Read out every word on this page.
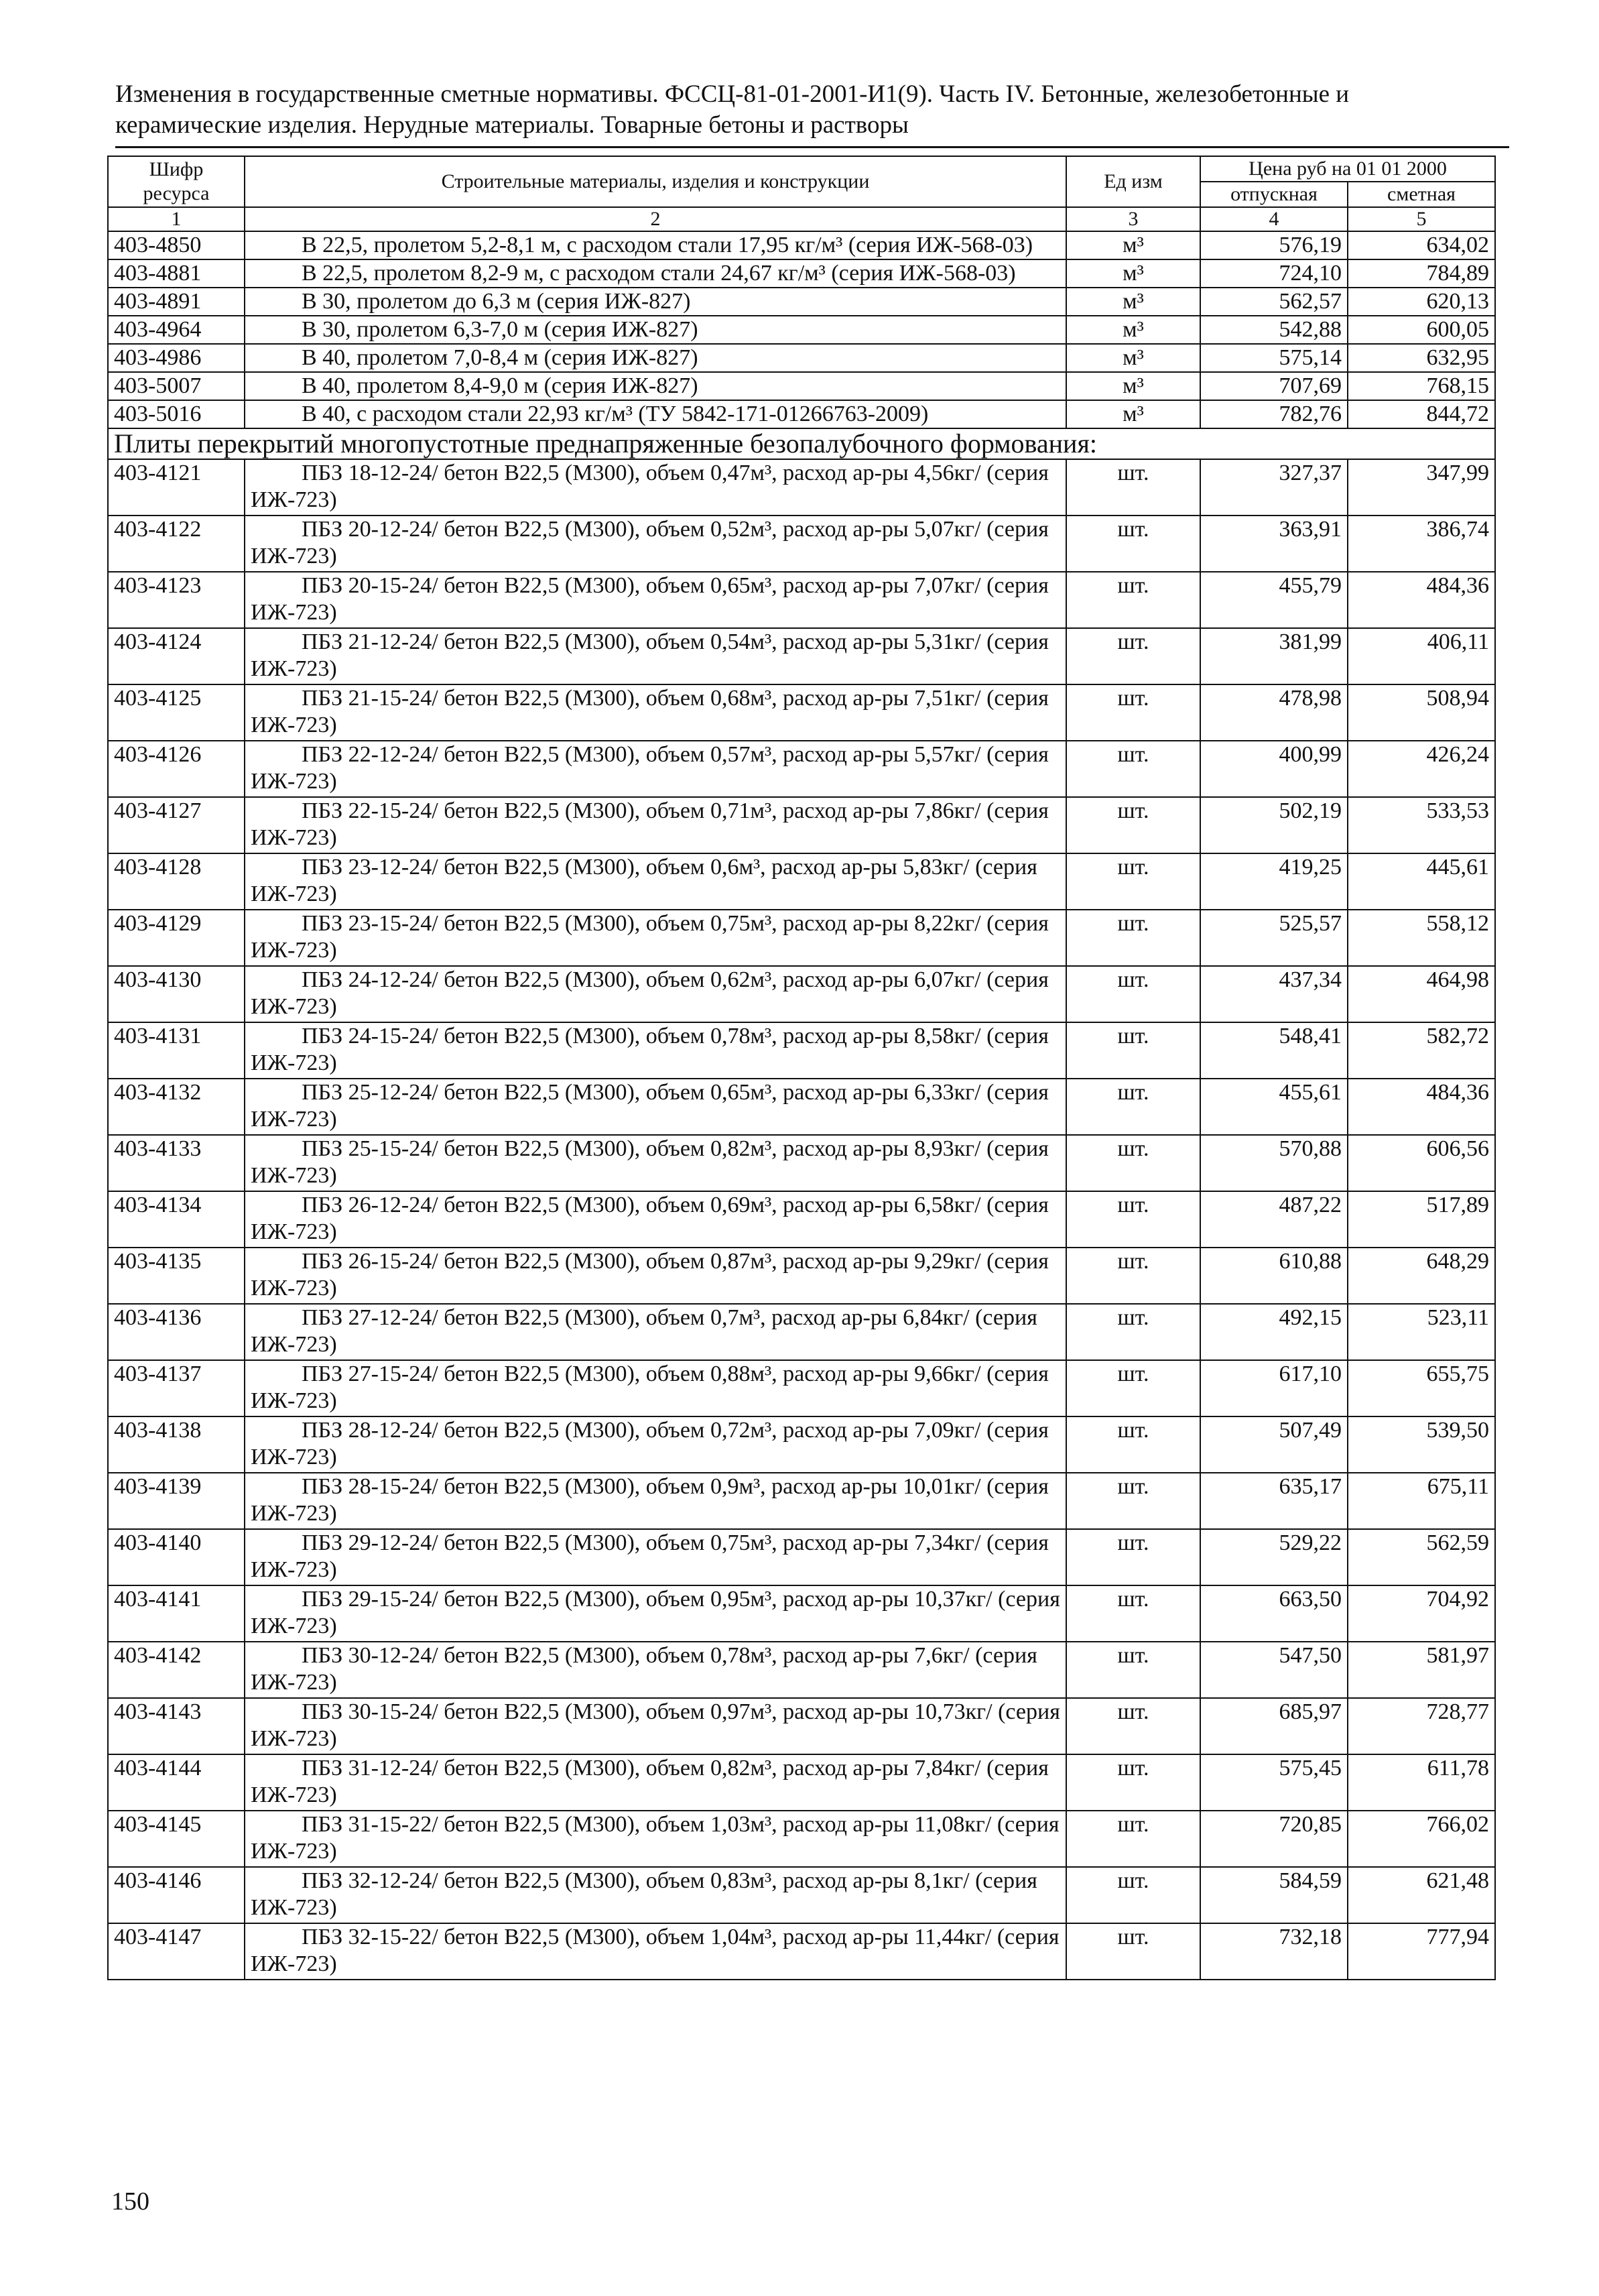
Изменения в государственные сметные нормативы. ФССЦ-81-01-2001-И1(9). Часть IV. Бетонные, железобетонные и
керамические изделия. Нерудные материалы. Товарные бетоны и растворы
Шифр ресурса	Строительные материалы, изделия и конструкции	Ед изм	Цена руб на 01 01 2000	
			отпускная	сметная
1	2	3	4	5
403-4850	В 22,5, пролетом 5,2-8,1 м, с расходом стали 17,95 кг/м³ (серия ИЖ-568-03)	м³	576,19	634,02
403-4881	В 22,5, пролетом 8,2-9 м, с расходом стали 24,67 кг/м³ (серия ИЖ-568-03)	м³	724,10	784,89
403-4891	В 30, пролетом до 6,3 м (серия ИЖ-827)	м³	562,57	620,13
403-4964	В 30, пролетом 6,3-7,0 м (серия ИЖ-827)	м³	542,88	600,05
403-4986	В 40, пролетом 7,0-8,4 м (серия ИЖ-827)	м³	575,14	632,95
403-5007	В 40, пролетом 8,4-9,0 м (серия ИЖ-827)	м³	707,69	768,15
403-5016	В 40, с расходом стали 22,93 кг/м³ (ТУ 5842-171-01266763-2009)	м³	782,76	844,72
Плиты перекрытий многопустотные преднапряженные безопалубочного формования:				
403-4121	ПБЗ 18-12-24/ бетон В22,5 (М300), объем 0,47м³, расход ар-ры 4,56кг/ (серия ИЖ-723)	шт.	327,37	347,99
403-4122	ПБЗ 20-12-24/ бетон В22,5 (М300), объем 0,52м³, расход ар-ры 5,07кг/ (серия ИЖ-723)	шт.	363,91	386,74
403-4123	ПБЗ 20-15-24/ бетон В22,5 (М300), объем 0,65м³, расход ар-ры 7,07кг/ (серия ИЖ-723)	шт.	455,79	484,36
403-4124	ПБЗ 21-12-24/ бетон В22,5 (М300), объем 0,54м³, расход ар-ры 5,31кг/ (серия ИЖ-723)	шт.	381,99	406,11
403-4125	ПБЗ 21-15-24/ бетон В22,5 (М300), объем 0,68м³, расход ар-ры 7,51кг/ (серия ИЖ-723)	шт.	478,98	508,94
403-4126	ПБЗ 22-12-24/ бетон В22,5 (М300), объем 0,57м³, расход ар-ры 5,57кг/ (серия ИЖ-723)	шт.	400,99	426,24
403-4127	ПБЗ 22-15-24/ бетон В22,5 (М300), объем 0,71м³, расход ар-ры 7,86кг/ (серия ИЖ-723)	шт.	502,19	533,53
403-4128	ПБЗ 23-12-24/ бетон В22,5 (М300), объем 0,6м³, расход ар-ры 5,83кг/ (серия ИЖ-723)	шт.	419,25	445,61
403-4129	ПБЗ 23-15-24/ бетон В22,5 (М300), объем 0,75м³, расход ар-ры 8,22кг/ (серия ИЖ-723)	шт.	525,57	558,12
403-4130	ПБЗ 24-12-24/ бетон В22,5 (М300), объем 0,62м³, расход ар-ры 6,07кг/ (серия ИЖ-723)	шт.	437,34	464,98
403-4131	ПБЗ 24-15-24/ бетон В22,5 (М300), объем 0,78м³, расход ар-ры 8,58кг/ (серия ИЖ-723)	шт.	548,41	582,72
403-4132	ПБЗ 25-12-24/ бетон В22,5 (М300), объем 0,65м³, расход ар-ры 6,33кг/ (серия ИЖ-723)	шт.	455,61	484,36
403-4133	ПБЗ 25-15-24/ бетон В22,5 (М300), объем 0,82м³, расход ар-ры 8,93кг/ (серия ИЖ-723)	шт.	570,88	606,56
403-4134	ПБЗ 26-12-24/ бетон В22,5 (М300), объем 0,69м³, расход ар-ры 6,58кг/ (серия ИЖ-723)	шт.	487,22	517,89
403-4135	ПБЗ 26-15-24/ бетон В22,5 (М300), объем 0,87м³, расход ар-ры 9,29кг/ (серия ИЖ-723)	шт.	610,88	648,29
403-4136	ПБЗ 27-12-24/ бетон В22,5 (М300), объем 0,7м³, расход ар-ры 6,84кг/ (серия ИЖ-723)	шт.	492,15	523,11
403-4137	ПБЗ 27-15-24/ бетон В22,5 (М300), объем 0,88м³, расход ар-ры 9,66кг/ (серия ИЖ-723)	шт.	617,10	655,75
403-4138	ПБЗ 28-12-24/ бетон В22,5 (М300), объем 0,72м³, расход ар-ры 7,09кг/ (серия ИЖ-723)	шт.	507,49	539,50
403-4139	ПБЗ 28-15-24/ бетон В22,5 (М300), объем 0,9м³, расход ар-ры 10,01кг/ (серия ИЖ-723)	шт.	635,17	675,11
403-4140	ПБЗ 29-12-24/ бетон В22,5 (М300), объем 0,75м³, расход ар-ры 7,34кг/ (серия ИЖ-723)	шт.	529,22	562,59
403-4141	ПБЗ 29-15-24/ бетон В22,5 (М300), объем 0,95м³, расход ар-ры 10,37кг/ (серия ИЖ-723)	шт.	663,50	704,92
403-4142	ПБЗ 30-12-24/ бетон В22,5 (М300), объем 0,78м³, расход ар-ры 7,6кг/ (серия ИЖ-723)	шт.	547,50	581,97
403-4143	ПБЗ 30-15-24/ бетон В22,5 (М300), объем 0,97м³, расход ар-ры 10,73кг/ (серия ИЖ-723)	шт.	685,97	728,77
403-4144	ПБЗ 31-12-24/ бетон В22,5 (М300), объем 0,82м³, расход ар-ры 7,84кг/ (серия ИЖ-723)	шт.	575,45	611,78
403-4145	ПБЗ 31-15-22/ бетон В22,5 (М300), объем 1,03м³, расход ар-ры 11,08кг/ (серия ИЖ-723)	шт.	720,85	766,02
403-4146	ПБЗ 32-12-24/ бетон В22,5 (М300), объем 0,83м³, расход ар-ры 8,1кг/ (серия ИЖ-723)	шт.	584,59	621,48
403-4147	ПБЗ 32-15-22/ бетон В22,5 (М300), объем 1,04м³, расход ар-ры 11,44кг/ (серия ИЖ-723)	шт.	732,18	777,94
150
